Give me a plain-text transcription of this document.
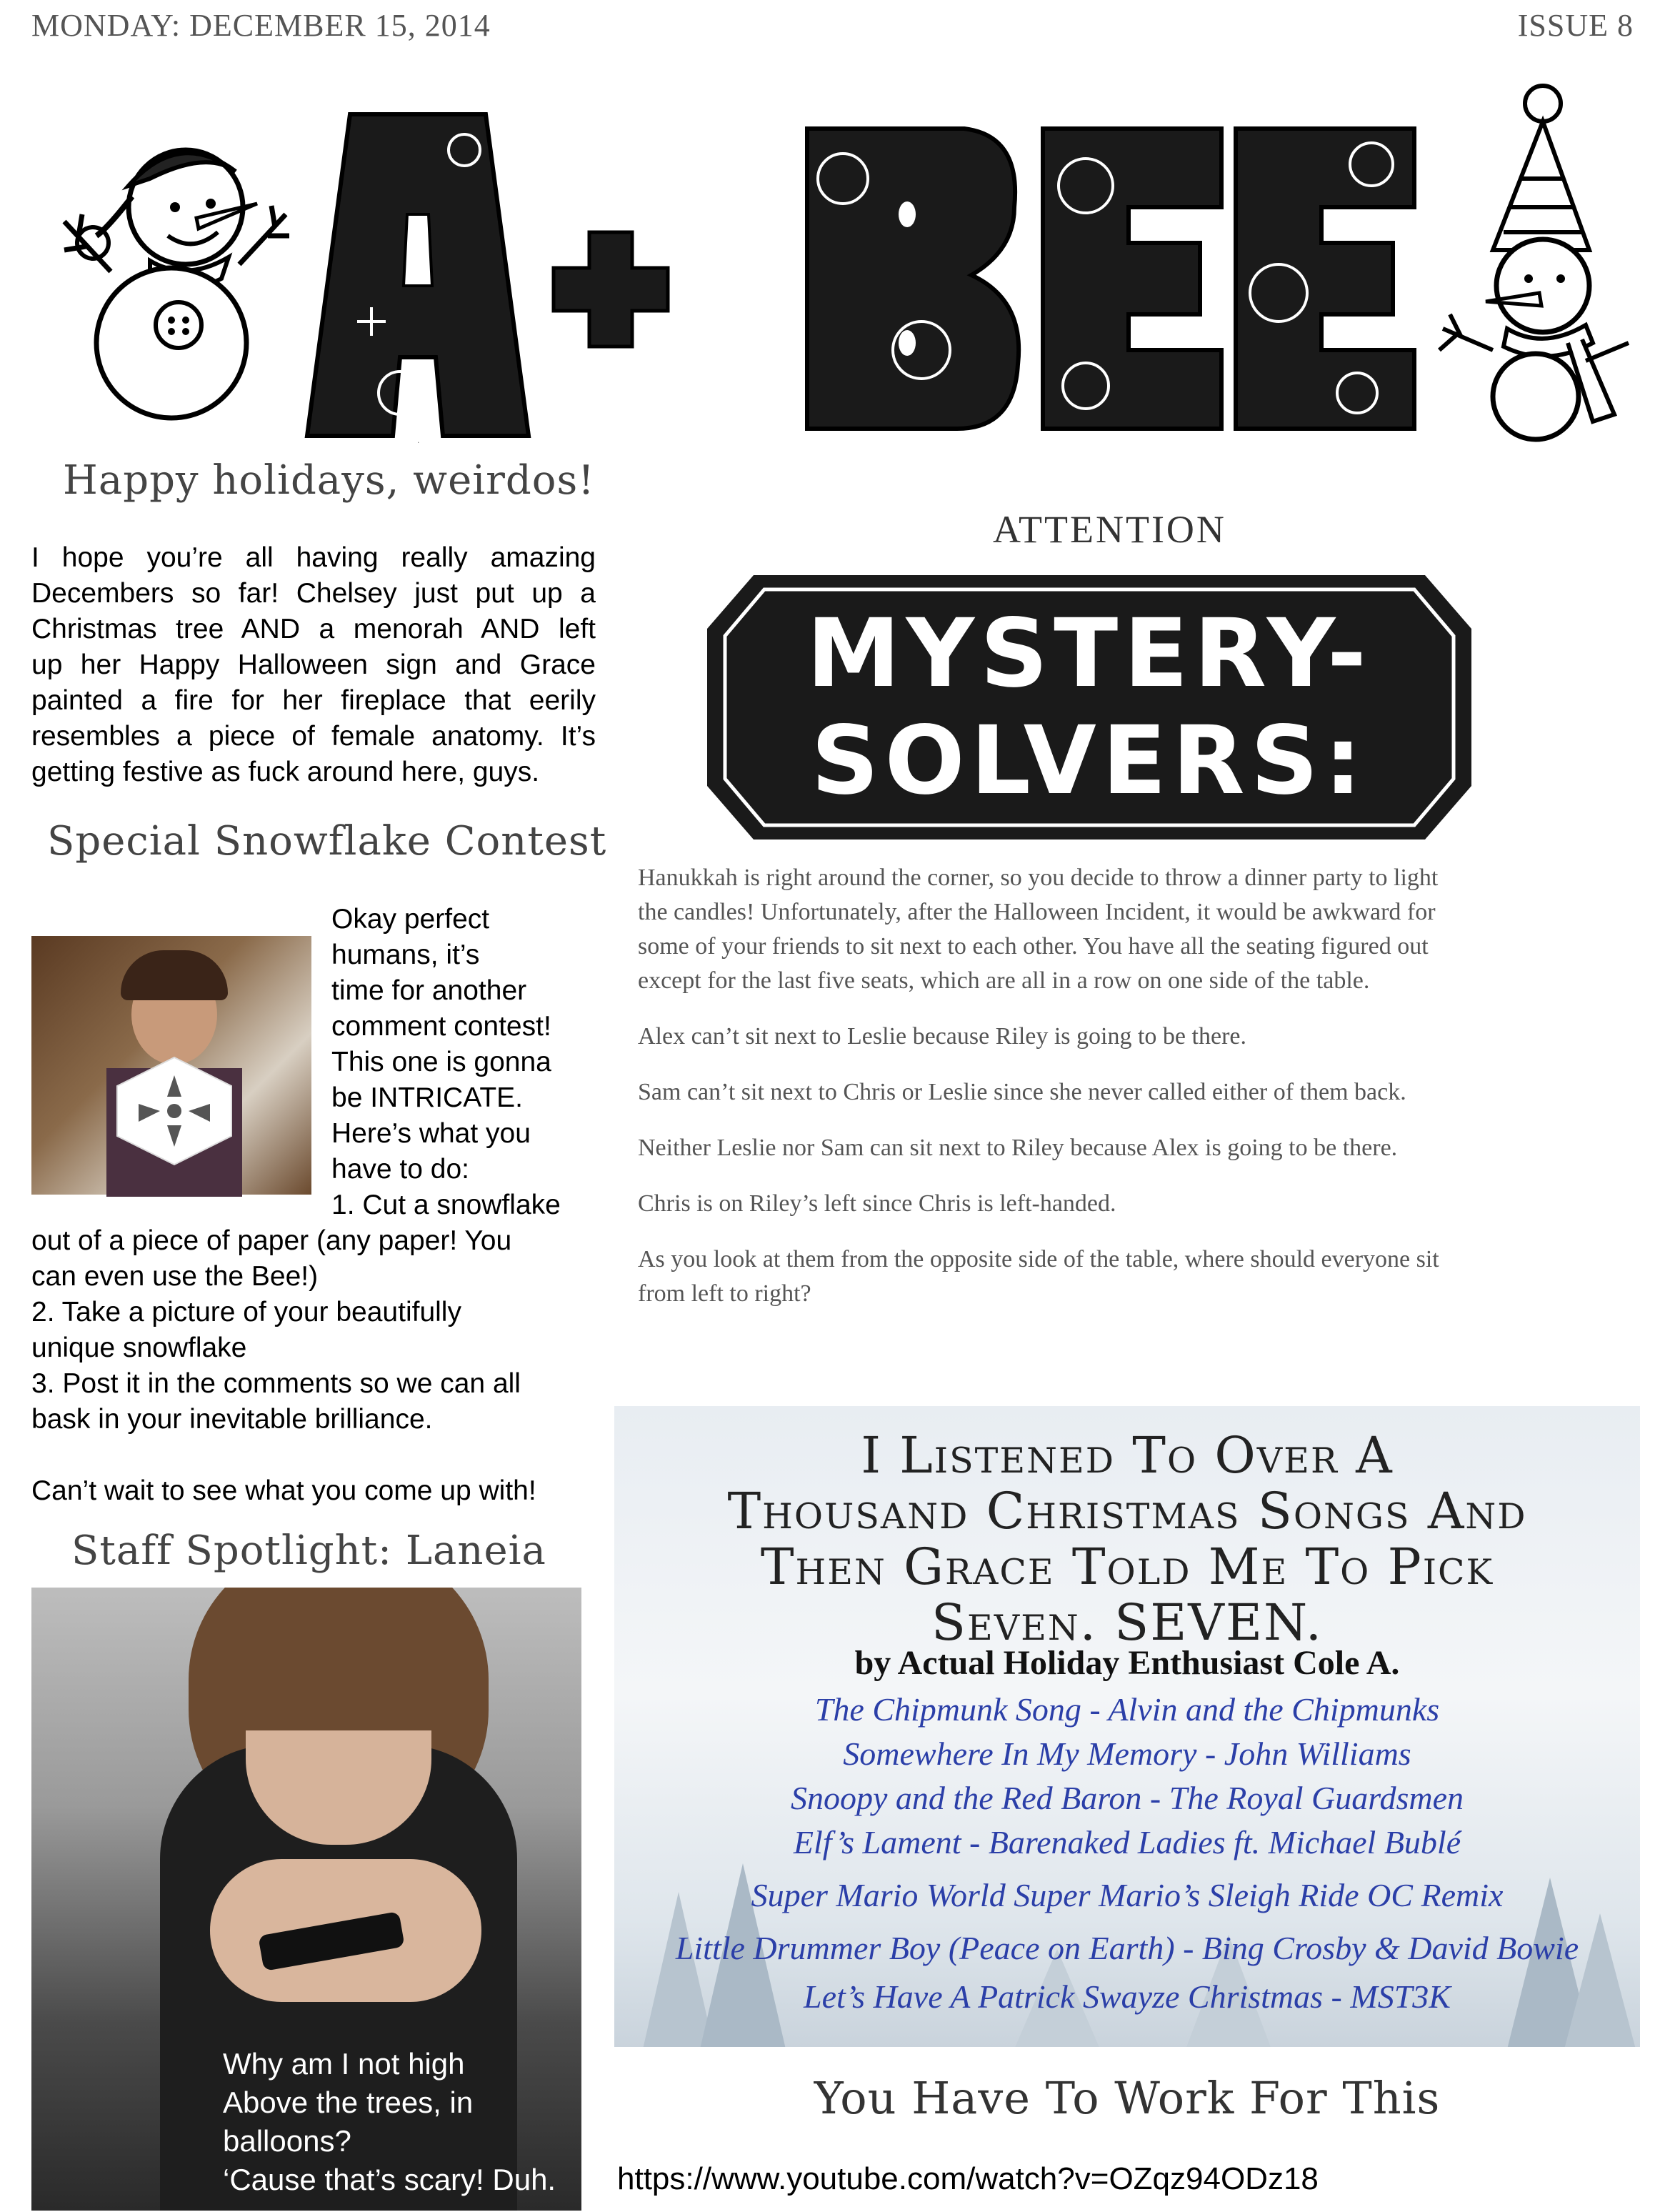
MONDAY: DECEMBER 15, 2014	ISSUE 8
A
Happy holidays, weirdos!
I hope you’re all having really amazing
Decembers so far! Chelsey just put up a
Christmas tree AND a menorah AND left
up her Happy Halloween sign and Grace
painted a fire for her fireplace that eerily
resembles a piece of female anatomy. It’s
getting festive as fuck around here, guys.
Special Snowflake Contest
Okay perfect
humans, it’s
time for another
comment contest!
This one is gonna
be INTRICATE.
Here’s what you
have to do:
1. Cut a snowflake
out of a piece of paper (any paper! You
can even use the Bee!)
2. Take a picture of your beautifully
unique snowflake
3. Post it in the comments so we can all
bask in your inevitable brilliance.
Can’t wait to see what you come up with!
Staff Spotlight: Laneia
Why am I not high
Above the trees, in balloons?
‘Cause that’s scary! Duh.
ATTENTION
MYSTERY-
SOLVERS:

Hanukkah is right around the corner, so you decide to throw a dinner party to light
the candles! Unfortunately, after the Halloween Incident, it would be awkward for
some of your friends to sit next to each other. You have all the seating figured out
except for the last five seats, which are all in a row on one side of the table.

Alex can’t sit next to Leslie because Riley is going to be there.

Sam can’t sit next to Chris or Leslie since she never called either of them back.

Neither Leslie nor Sam can sit next to Riley because Alex is going to be there.

Chris is on Riley’s left since Chris is left-handed.

As you look at them from the opposite side of the table, where should everyone sit
from left to right?

I Listened To Over A
Thousand Christmas Songs And
Then Grace Told Me To Pick
Seven. SEVEN.
by Actual Holiday Enthusiast Cole A.
The Chipmunk Song - Alvin and the Chipmunks
Somewhere In My Memory - John Williams
Snoopy and the Red Baron - The Royal Guardsmen
Elf’s Lament - Barenaked Ladies ft. Michael Bublé
Super Mario World Super Mario’s Sleigh Ride OC Remix
Little Drummer Boy (Peace on Earth) - Bing Crosby & David Bowie
Let’s Have A Patrick Swayze Christmas - MST3K
You Have To Work For This
https://www.youtube.com/watch?v=OZqz94ODz18
